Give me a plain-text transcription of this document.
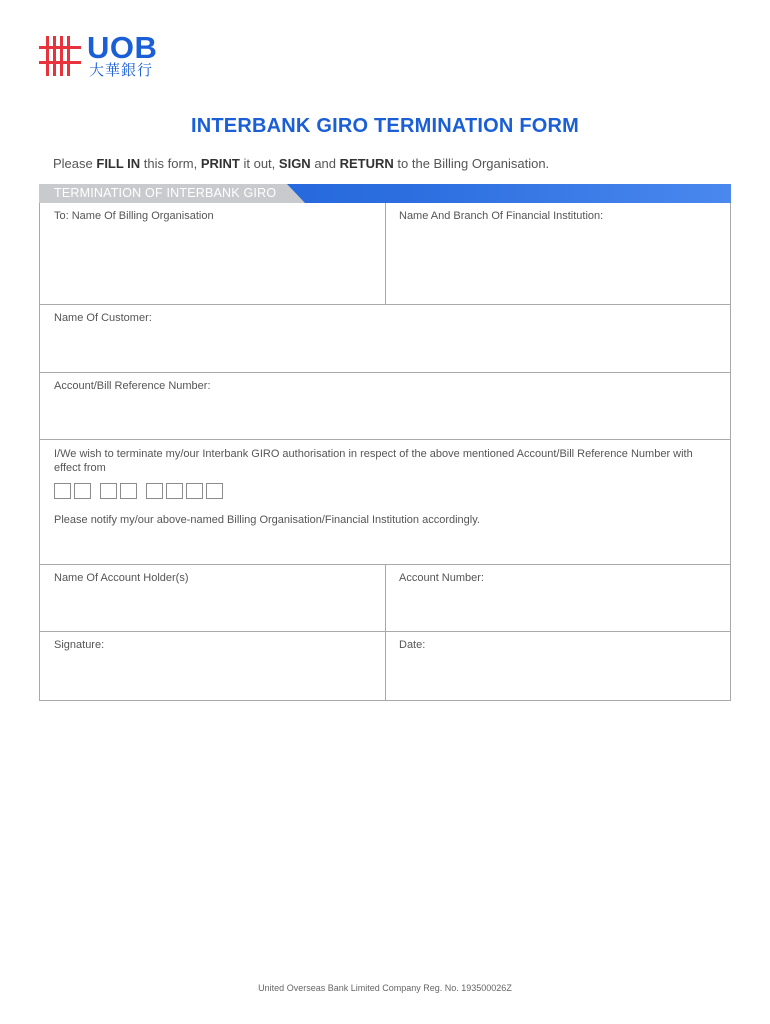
UOB
大華銀行
INTERBANK GIRO TERMINATION FORM
Please FILL IN this form, PRINT it out, SIGN and RETURN to the Billing Organisation.
TERMINATION OF INTERBANK GIRO
To: Name Of Billing Organisation	Name And Branch Of Financial Institution:
Name Of Customer:
Account/Bill Reference Number:
I/We wish to terminate my/our Interbank GIRO authorisation in respect of the above mentioned Account/Bill Reference Number with effect from
Please notify my/our above-named Billing Organisation/Financial Institution accordingly.
Name Of Account Holder(s)	Account Number:
Signature:	Date:
United Overseas Bank Limited Company Reg. No. 193500026Z
